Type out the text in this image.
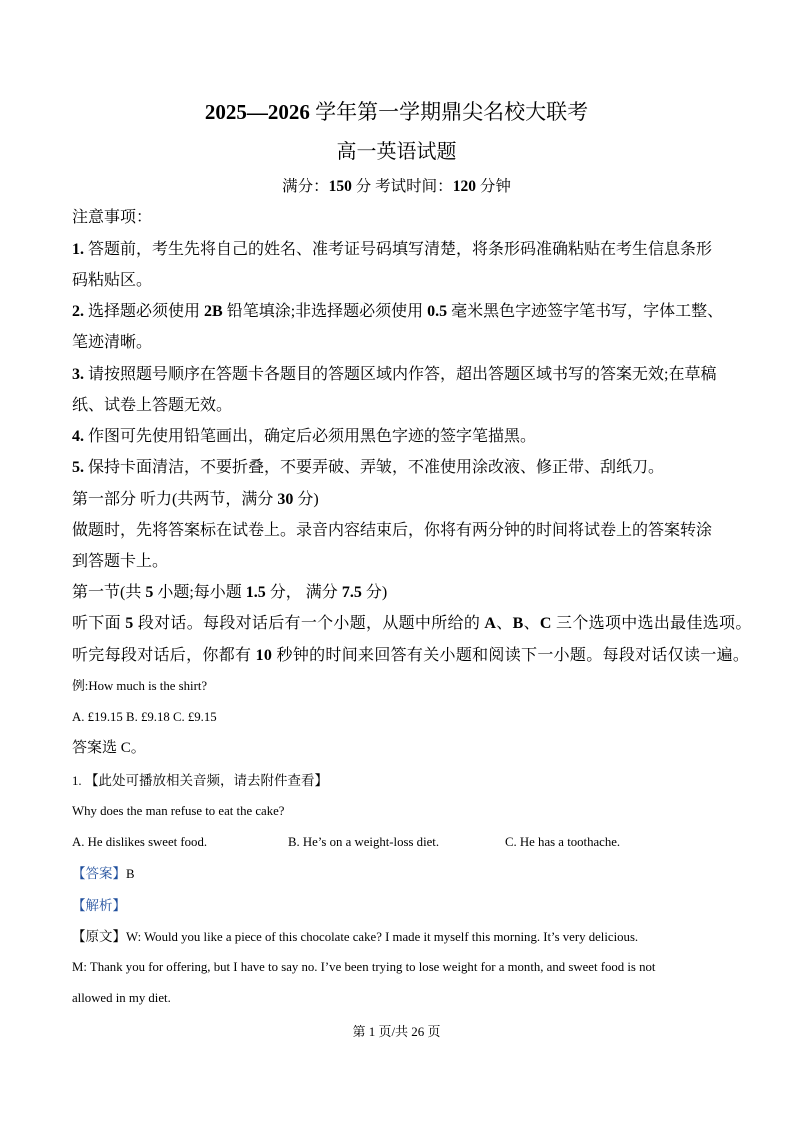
2025—2026 学年第一学期鼎尖名校大联考
高一英语试题
满分：150 分 考试时间：120 分钟
注意事项：
1. 答题前，考生先将自己的姓名、准考证号码填写清楚，将条形码准确粘贴在考生信息条形
码粘贴区。
2. 选择题必须使用 2B 铅笔填涂;非选择题必须使用 0.5 毫米黑色字迹签字笔书写，字体工整、
笔迹清晰。
3. 请按照题号顺序在答题卡各题目的答题区域内作答，超出答题区域书写的答案无效;在草稿
纸、试卷上答题无效。
4. 作图可先使用铅笔画出，确定后必须用黑色字迹的签字笔描黑。
5. 保持卡面清洁，不要折叠，不要弄破、弄皱，不准使用涂改液、修正带、刮纸刀。
第一部分 听力(共两节，满分 30 分)
做题时，先将答案标在试卷上。录音内容结束后，你将有两分钟的时间将试卷上的答案转涂
到答题卡上。
第一节(共 5 小题;每小题 1.5 分， 满分 7.5 分)
听下面 5 段对话。每段对话后有一个小题，从题中所给的 A、B、C 三个选项中选出最佳选项。
听完每段对话后，你都有 10 秒钟的时间来回答有关小题和阅读下一小题。每段对话仅读一遍。
例:How much is the shirt?
A. £19.15 B. £9.18 C. £9.15
答案选 C。
1. 【此处可播放相关音频，请去附件查看】
Why does the man refuse to eat the cake?
A. He dislikes sweet food.	B. He’s on a weight-loss diet.	C. He has a toothache.
【答案】B
【解析】
【原文】W: Would you like a piece of this chocolate cake? I made it myself this morning. It’s very delicious.
M: Thank you for offering, but I have to say no. I’ve been trying to lose weight for a month, and sweet food is not
allowed in my diet.
第 1 页/共 26 页
